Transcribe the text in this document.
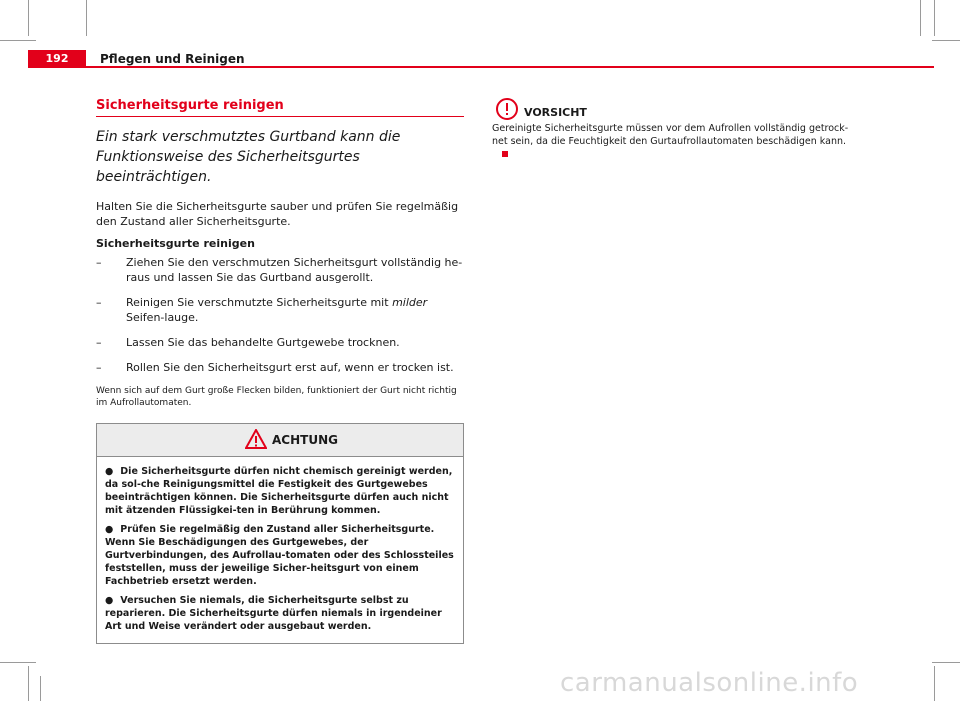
192	Pflegen und Reinigen
Sicherheitsgurte reinigen

Ein stark verschmutztes Gurtband kann die Funktionsweise des Sicherheitsgurtes beeinträchtigen.

Halten Sie die Sicherheitsgurte sauber und prüfen Sie regelmäßig den Zustand aller Sicherheitsgurte.

Sicherheitsgurte reinigen

– Ziehen Sie den verschmutzen Sicherheitsgurt vollständig he-raus und lassen Sie das Gurtband ausgerollt.
– Reinigen Sie verschmutzte Sicherheitsgurte mit milder Seifen-lauge.
– Lassen Sie das behandelte Gurtgewebe trocknen.
– Rollen Sie den Sicherheitsgurt erst auf, wenn er trocken ist.

Wenn sich auf dem Gurt große Flecken bilden, funktioniert der Gurt nicht richtig im Aufrollautomaten.

ACHTUNG

● Die Sicherheitsgurte dürfen nicht chemisch gereinigt werden, da sol-che Reinigungsmittel die Festigkeit des Gurtgewebes beeinträchtigen können. Die Sicherheitsgurte dürfen auch nicht mit ätzenden Flüssigkei-ten in Berührung kommen.

● Prüfen Sie regelmäßig den Zustand aller Sicherheitsgurte. Wenn Sie Beschädigungen des Gurtgewebes, der Gurtverbindungen, des Aufrollau-tomaten oder des Schlossteiles feststellen, muss der jeweilige Sicher-heitsgurt von einem Fachbetrieb ersetzt werden.

● Versuchen Sie niemals, die Sicherheitsgurte selbst zu reparieren. Die Sicherheitsgurte dürfen niemals in irgendeiner Art und Weise verändert oder ausgebaut werden.

VORSICHT

Gereinigte Sicherheitsgurte müssen vor dem Aufrollen vollständig getrock-net sein, da die Feuchtigkeit den Gurtaufrollautomaten beschädigen kann.

carmanualsonline.info
